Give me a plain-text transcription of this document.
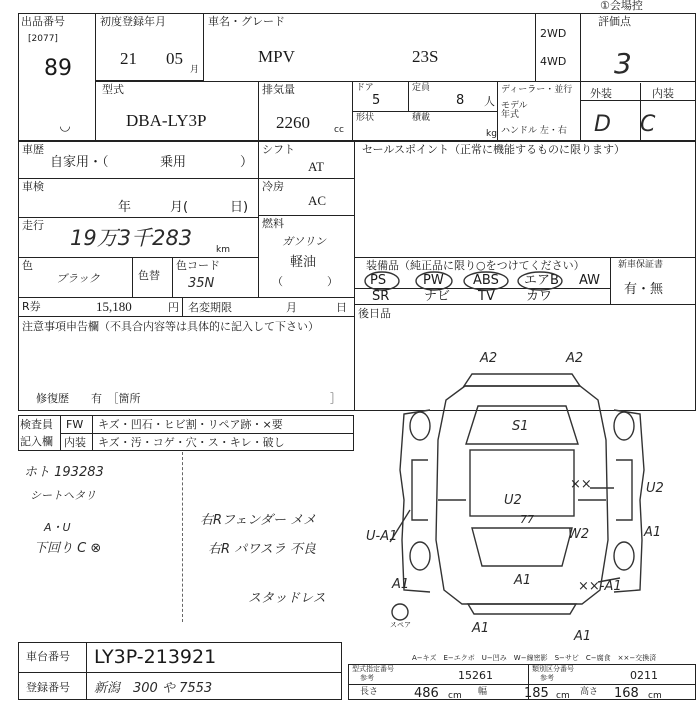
①会場控
出品番号
[2077]
89
◡
初度登録年月
21 05
月
車名・グレード
MPV	23S
2WD
4WD
評価点
3
型式
DBA-LY3P
排気量
2260	cc
ドア
5
定員
8 人
形状	積載
kg
ディーラー・並行
モデル年式
ハンドル 左・右
外装	内装
D C
車歴
自家用・（	乗用	）
シフト
AT
車検
年	月(	日)
冷房
AC
走行
19万3千283	km
燃料
ガソリン
軽油
（　　　　）
色
ブラック	色替
色コード
35N
R券	15,180	円 名変期限	月	日
注意事項申告欄（不具合内容等は具体的に記入して下さい）
修復歴　　有　［箇所	］
セールスポイント（正常に機能するものに限ります）
装備品（純正品に限り○をつけてください）	新車保証書
有・無
PS	PW ABS エアB AW
SR	ナビ TV カワ
後日品
検査員
記入欄
FW キズ・凹石・ヒビ割・リペア跡・×要
内装 キズ・汚・コゲ・穴・ス・キレ・破し
ホト 193283
シートヘタリ
A・U
下回り C ⊗
右Rフェンダー メメ
右R パワスラ 不良
スタッドレス
A2	A2
S1
U2
77
××	U2
U-A1	W2	A1
A1	××-A1
A1
A1
A1
スペア
A−キズ　E−エクボ　U−凹み　W−線密影　S−サビ　C−腐食　××−交換済
車台番号 LY3P-213921
登録番号 新潟　300 や 7553
型式指定番号
参考	15261	類別区分番号
参考	0211
長さ	486 cm 幅	185 cm 高さ 168 cm
